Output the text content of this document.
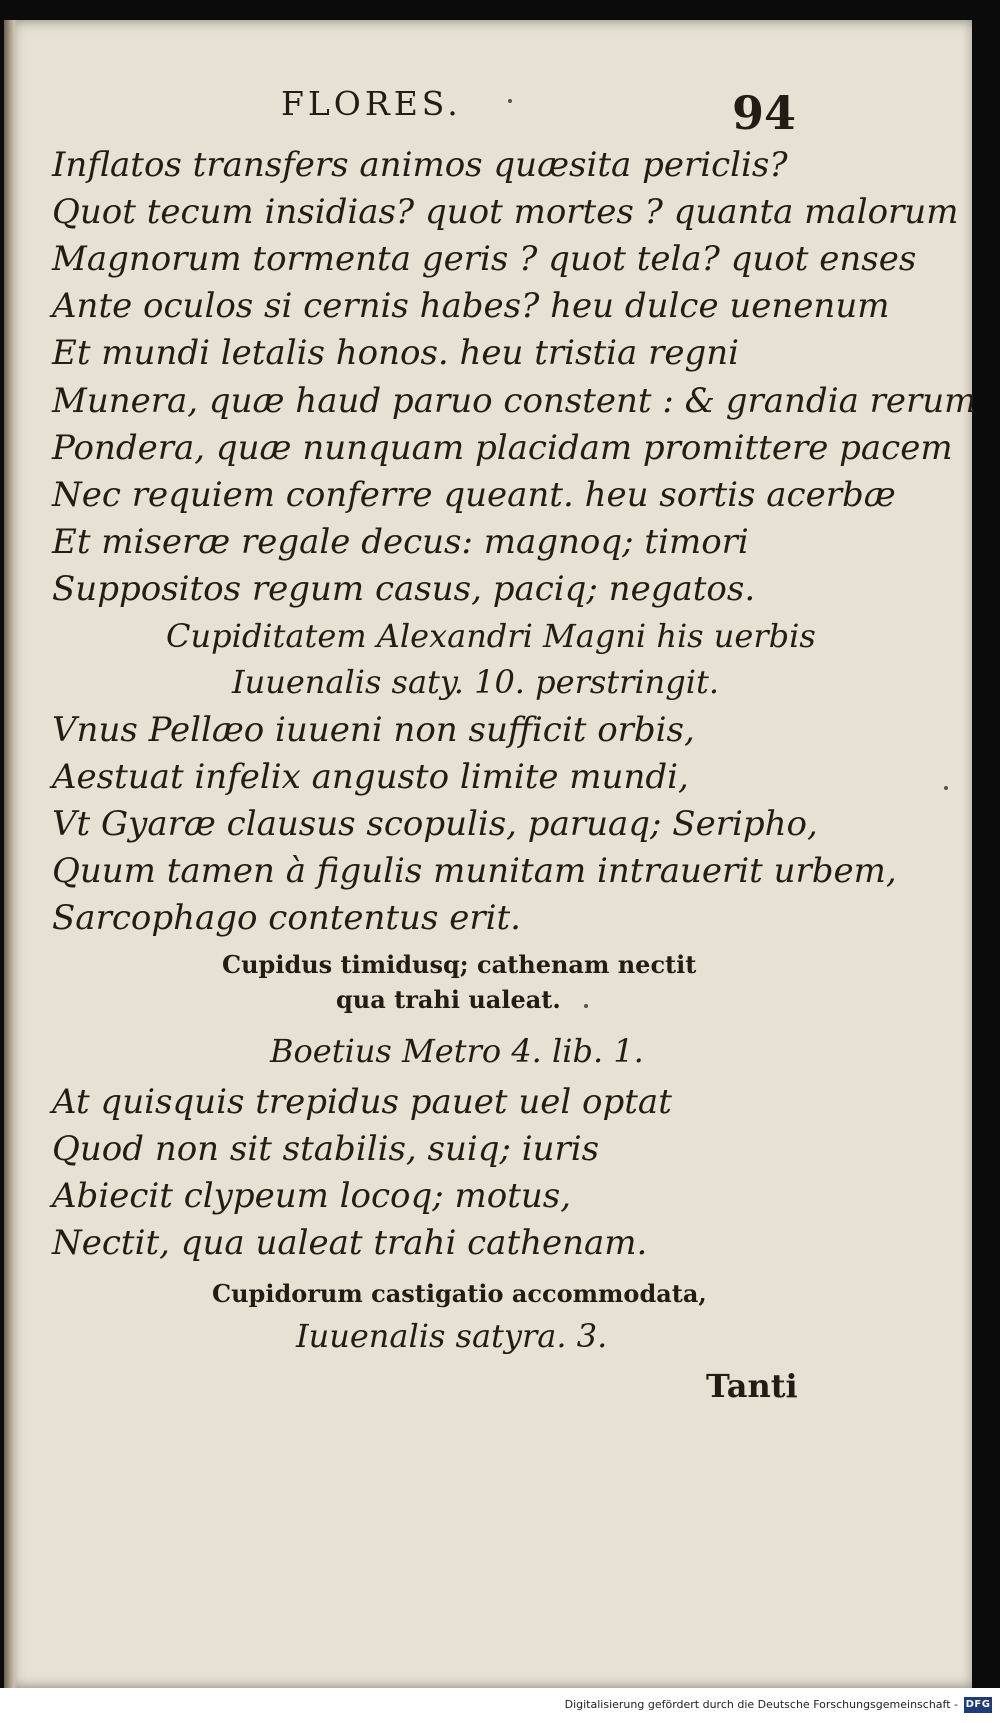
FLORES.	94
Inflatos transfers animos quæsita periclis?
Quot tecum insidias? quot mortes ? quanta malorum
Magnorum tormenta geris ? quot tela? quot enses
Ante oculos si cernis habes? heu dulce uenenum
Et mundi letalis honos. heu tristia regni
Munera, quæ haud paruo constent : & grandia rerum
Pondera, quæ nunquam placidam promittere pacem
Nec requiem conferre queant. heu sortis acerbæ
Et miseræ regale decus: magnoq; timori
Suppositos regum casus, paciq; negatos.
Cupiditatem Alexandri Magni his uerbis
Iuuenalis saty. 10. perstringit.
Vnus Pellæo iuueni non sufficit orbis,
Aestuat infelix angusto limite mundi,
Vt Gyaræ clausus scopulis, paruaq; Seripho,
Quum tamen à figulis munitam intrauerit urbem,
Sarcophago contentus erit.
Cupidus timidusq; cathenam nectit
qua trahi ualeat.
Boetius Metro 4. lib. 1.
At quisquis trepidus pauet uel optat
Quod non sit stabilis, suiq; iuris
Abiecit clypeum locoq; motus,
Nectit, qua ualeat trahi cathenam.
Cupidorum castigatio accommodata,
Iuuenalis satyra. 3.
Tanti
Digitalisierung gefördert durch die Deutsche Forschungsgemeinschaft - DFG
